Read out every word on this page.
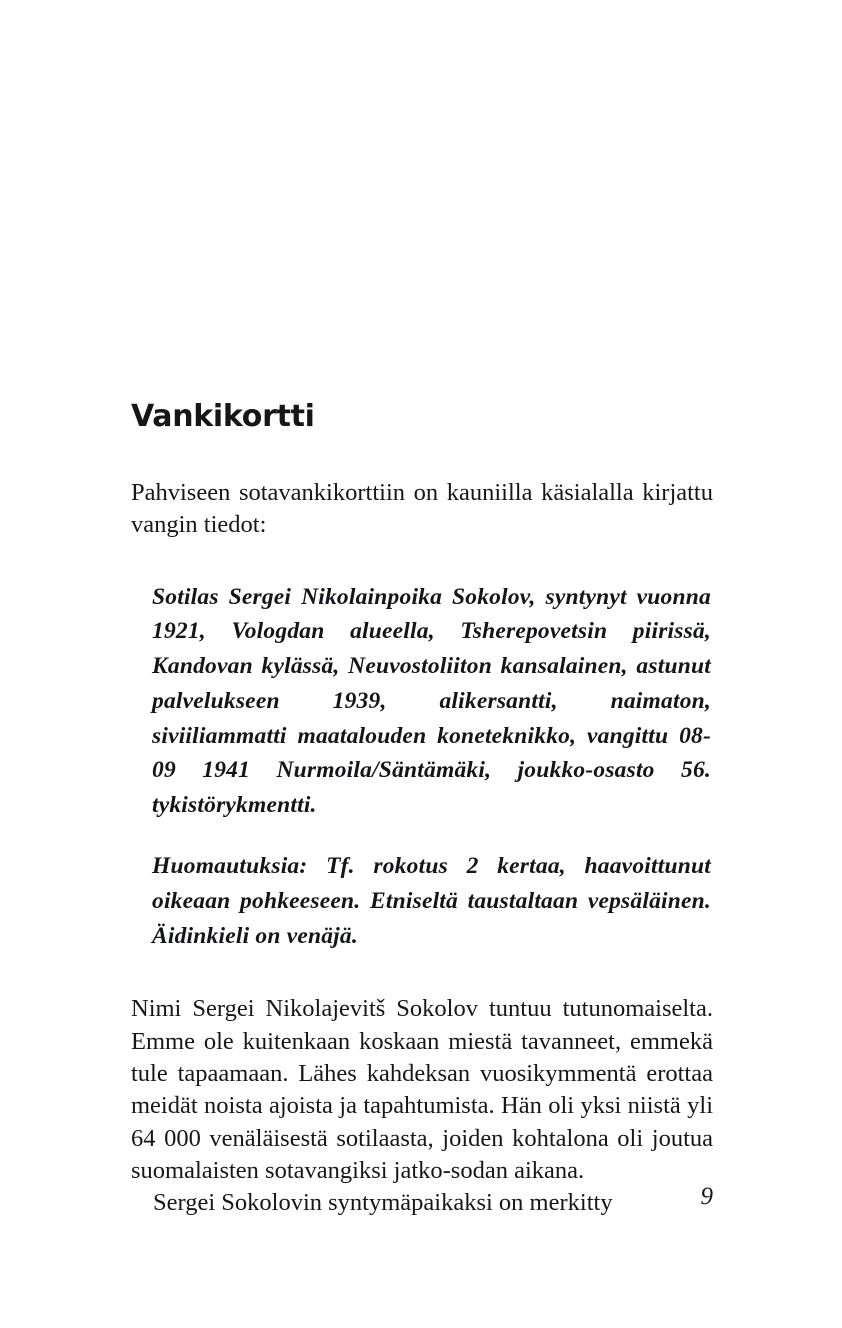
Vankikortti

Pahviseen sotavankikorttiin on kauniilla käsialalla kirjattu vangin tiedot:

Sotilas Sergei Nikolainpoika Sokolov, syntynyt vuonna 1921, Vologdan alueella, Tsherepovetsin piirissä, Kandovan kylässä, Neuvostoliiton kansalainen, astunut palvelukseen 1939, alikersantti, naimaton, siviiliammatti maatalouden koneteknikko, vangittu 08-09 1941 Nurmoila/Säntämäki, joukko-osasto 56. tykistörykmentti.

Huomautuksia: Tf. rokotus 2 kertaa, haavoittunut oikeaan pohkeeseen. Etniseltä taustaltaan vepsäläinen. Äidinkieli on venäjä.

Nimi Sergei Nikolajevitš Sokolov tuntuu tutunomaiselta. Emme ole kuitenkaan koskaan miestä tavanneet, emmekä tule tapaamaan. Lähes kahdeksan vuosikymmentä erottaa meidät noista ajoista ja tapahtumista. Hän oli yksi niistä yli 64 000 venäläisestä sotilaasta, joiden kohtalona oli joutua suomalaisten sotavangiksi jatko-sodan aikana.

Sergei Sokolovin syntymäpaikaksi on merkitty	9
